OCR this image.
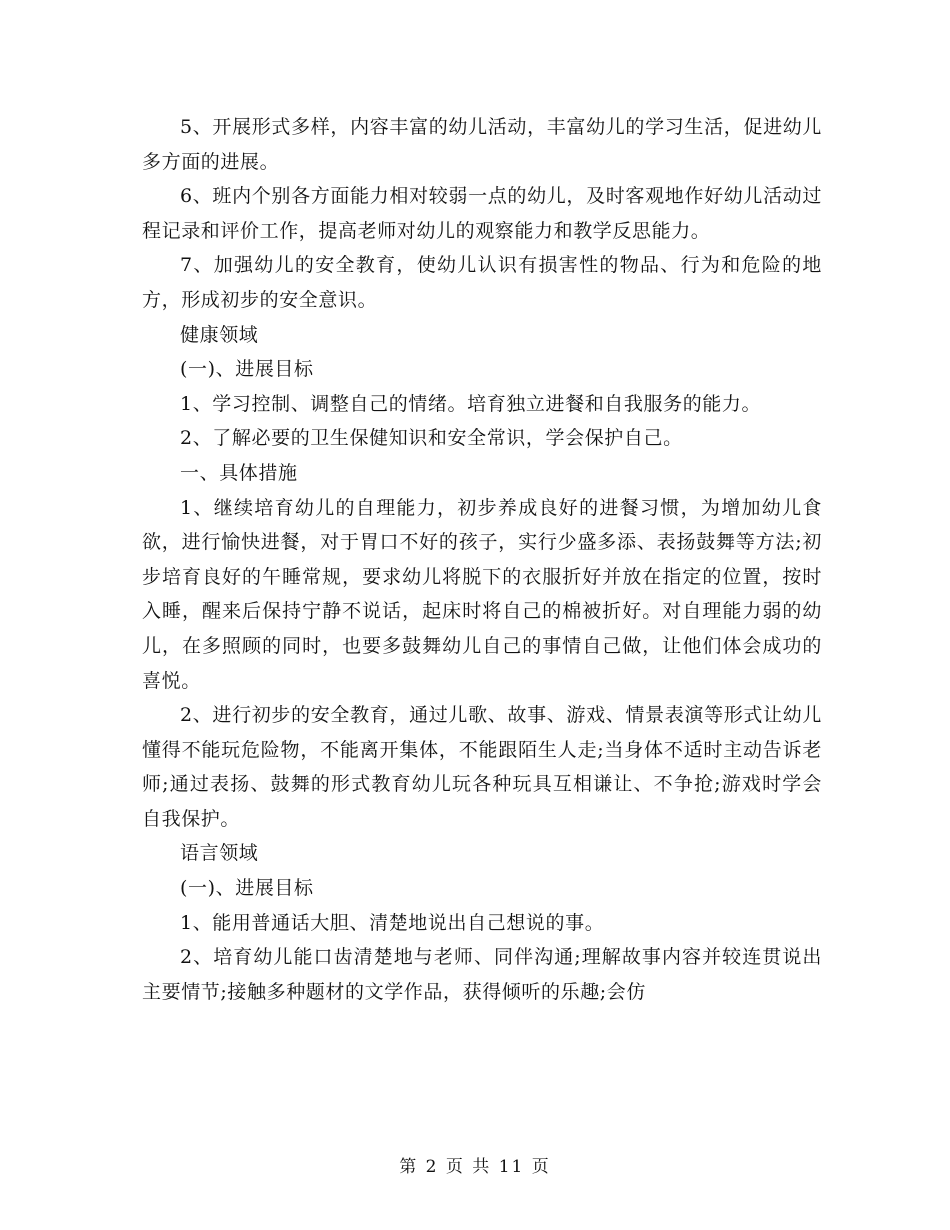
5、开展形式多样，内容丰富的幼儿活动，丰富幼儿的学习生活，促进幼儿多方面的进展。

6、班内个别各方面能力相对较弱一点的幼儿，及时客观地作好幼儿活动过程记录和评价工作，提高老师对幼儿的观察能力和教学反思能力。

7、加强幼儿的安全教育，使幼儿认识有损害性的物品、行为和危险的地方，形成初步的安全意识。

健康领域

(一)、进展目标

1、学习控制、调整自己的情绪。培育独立进餐和自我服务的能力。

2、了解必要的卫生保健知识和安全常识，学会保护自己。

一、具体措施

1、继续培育幼儿的自理能力，初步养成良好的进餐习惯，为增加幼儿食欲，进行愉快进餐，对于胃口不好的孩子，实行少盛多添、表扬鼓舞等方法;初步培育良好的午睡常规，要求幼儿将脱下的衣服折好并放在指定的位置，按时入睡，醒来后保持宁静不说话，起床时将自己的棉被折好。对自理能力弱的幼儿，在多照顾的同时，也要多鼓舞幼儿自己的事情自己做，让他们体会成功的喜悦。

2、进行初步的安全教育，通过儿歌、故事、游戏、情景表演等形式让幼儿懂得不能玩危险物，不能离开集体，不能跟陌生人走;当身体不适时主动告诉老师;通过表扬、鼓舞的形式教育幼儿玩各种玩具互相谦让、不争抢;游戏时学会自我保护。

语言领域

(一)、进展目标

1、能用普通话大胆、清楚地说出自己想说的事。

2、培育幼儿能口齿清楚地与老师、同伴沟通;理解故事内容并较连贯说出主要情节;接触多种题材的文学作品，获得倾听的乐趣;会仿

第 2 页 共 11 页
